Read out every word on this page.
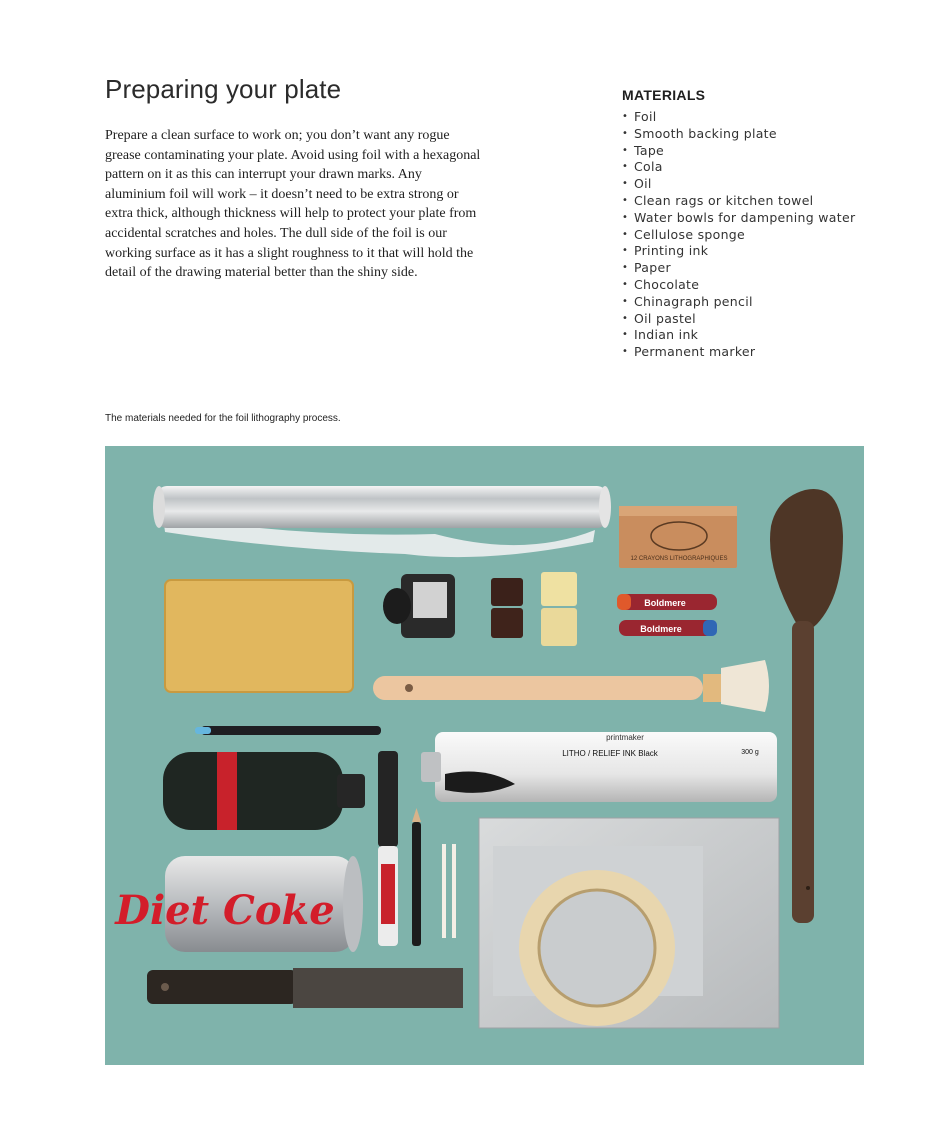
Preparing your plate

Prepare a clean surface to work on; you don’t want any rogue grease contaminating your plate. Avoid using foil with a hexagonal pattern on it as this can interrupt your drawn marks. Any aluminium foil will work – it doesn’t need to be extra strong or extra thick, although thickness will help to protect your plate from accidental scratches and holes. The dull side of the foil is our working surface as it has a slight roughness to it that will hold the detail of the drawing material better than the shiny side.

MATERIALS
• Foil
• Smooth backing plate
• Tape
• Cola
• Oil
• Clean rags or kitchen towel
• Water bowls for dampening water
• Cellulose sponge
• Printing ink
• Paper
• Chocolate
• Chinagraph pencil
• Oil pastel
• Indian ink
• Permanent marker

The materials needed for the foil lithography process.

12 CRAYONS LITHOGRAPHIQUES
Boldmere
Boldmere
printmaker
LITHO / RELIEF INK Black	300 g
Diet Coke
